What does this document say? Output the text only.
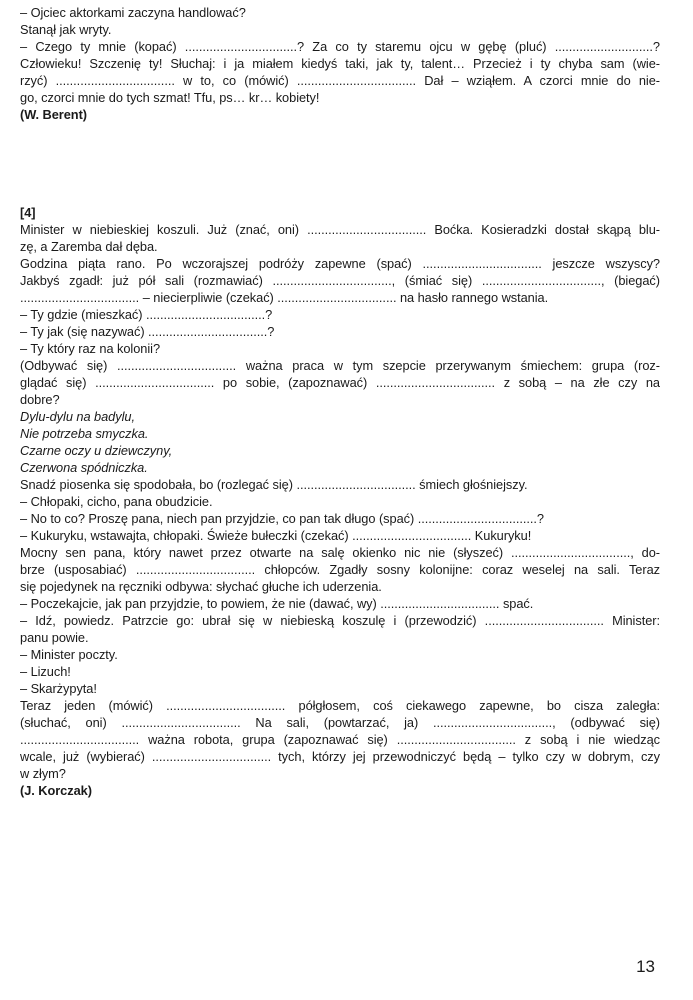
– Ojciec aktorkami zaczyna handlować?
Stanął jak wryty.
– Czego ty mnie (kopać) ................................? Za co ty staremu ojcu w gębę (pluć) ............................?
Człowieku! Szczenię ty! Słuchaj: i ja miałem kiedyś taki, jak ty, talent… Przecież i ty chyba sam (wie-
rzyć) .................................. w to, co (mówić) .................................. Dał – wziąłem. A czorci mnie do nie-
go, czorci mnie do tych szmat! Tfu, ps… kr… kobiety!
(W. Berent)
[4]
Minister w niebieskiej koszuli. Już (znać, oni) .................................. Boćka. Kosieradzki dostał skąpą blu-
zę, a Zaremba dał dęba.
Godzina piąta rano. Po wczorajszej podróży zapewne (spać) .................................. jeszcze wszyscy?
Jakbyś zgadł: już pół sali (rozmawiać) .................................., (śmiać się) .................................., (biegać)
.................................. – niecierpliwie (czekać) .................................. na hasło rannego wstania.
– Ty gdzie (mieszkać) ..................................?
– Ty jak (się nazywać) ..................................?
– Ty który raz na kolonii?
(Odbywać się) .................................. ważna praca w tym szepcie przerywanym śmiechem: grupa (roz-
glądać się) .................................. po sobie, (zapoznawać) .................................. z sobą – na złe czy na
dobre?
Dylu-dylu na badylu,
Nie potrzeba smyczka.
Czarne oczy u dziewczyny,
Czerwona spódniczka.
Snadź piosenka się spodobała, bo (rozlegać się) .................................. śmiech głośniejszy.
– Chłopaki, cicho, pana obudzicie.
– No to co? Proszę pana, niech pan przyjdzie, co pan tak długo (spać) ..................................?
– Kukuryku, wstawajta, chłopaki. Świeże bułeczki (czekać) .................................. Kukuryku!
Mocny sen pana, który nawet przez otwarte na salę okienko nic nie (słyszeć) .................................., do-
brze (usposabiać) .................................. chłopców. Zgadły sosny kolonijne: coraz weselej na sali. Teraz
się pojedynek na ręczniki odbywa: słychać głuche ich uderzenia.
– Poczekajcie, jak pan przyjdzie, to powiem, że nie (dawać, wy) .................................. spać.
– Idź, powiedz. Patrzcie go: ubrał się w niebieską koszulę i (przewodzić) .................................. Minister:
panu powie.
– Minister poczty.
– Lizuch!
– Skarżypyta!
Teraz jeden (mówić) .................................. półgłosem, coś ciekawego zapewne, bo cisza zaległa:
(słuchać, oni) .................................. Na sali, (powtarzać, ja) .................................., (odbywać się)
.................................. ważna robota, grupa (zapoznawać się) .................................. z sobą i nie wiedząc
wcale, już (wybierać) .................................. tych, którzy jej przewodniczyć będą – tylko czy w dobrym, czy
w złym?
(J. Korczak)
13
